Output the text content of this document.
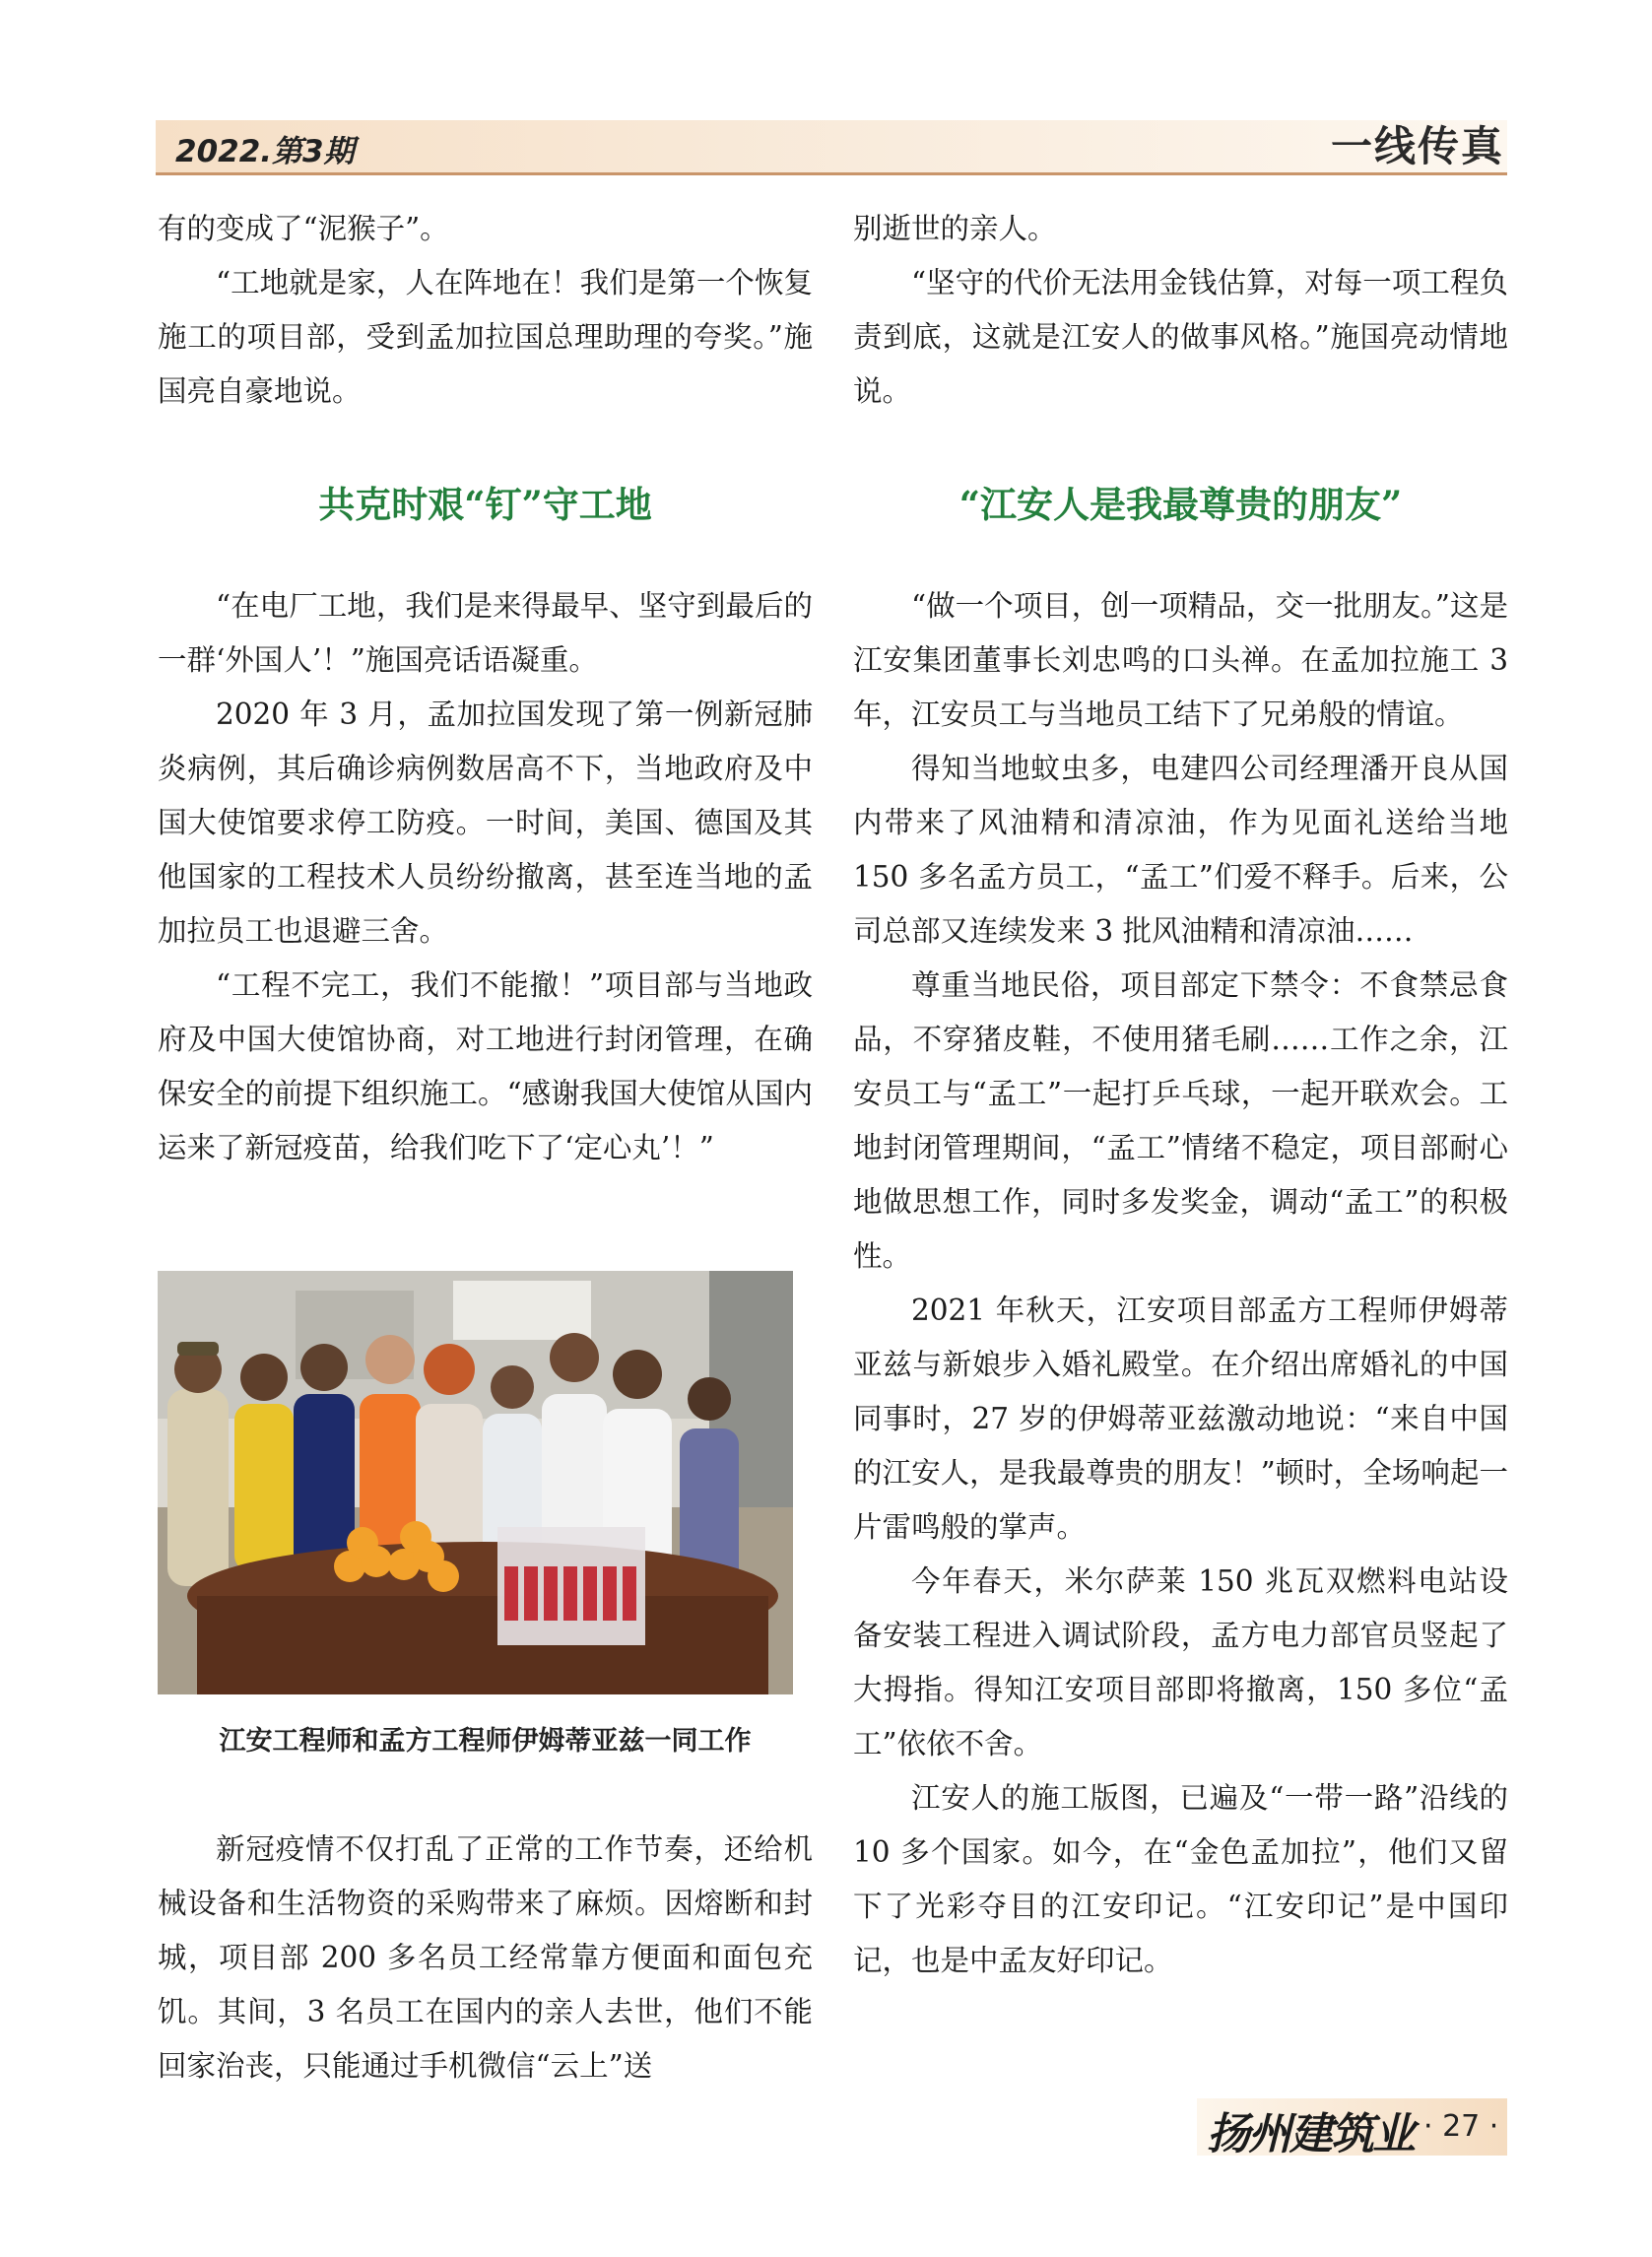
2022.第3期	一线传真

有的变成了“泥猴子”。

“工地就是家，人在阵地在！我们是第一个恢复施工的项目部，受到孟加拉国总理助理的夸奖。”施国亮自豪地说。

别逝世的亲人。

“坚守的代价无法用金钱估算，对每一项工程负责到底，这就是江安人的做事风格。”施国亮动情地说。

共克时艰“钉”守工地	“江安人是我最尊贵的朋友”

“在电厂工地，我们是来得最早、坚守到最后的一群‘外国人’！”施国亮话语凝重。

2020 年 3 月，孟加拉国发现了第一例新冠肺炎病例，其后确诊病例数居高不下，当地政府及中国大使馆要求停工防疫。一时间，美国、德国及其他国家的工程技术人员纷纷撤离，甚至连当地的孟加拉员工也退避三舍。

“工程不完工，我们不能撤！”项目部与当地政府及中国大使馆协商，对工地进行封闭管理，在确保安全的前提下组织施工。“感谢我国大使馆从国内运来了新冠疫苗，给我们吃下了‘定心丸’！”

江安工程师和孟方工程师伊姆蒂亚兹一同工作

新冠疫情不仅打乱了正常的工作节奏，还给机械设备和生活物资的采购带来了麻烦。因熔断和封城，项目部 200 多名员工经常靠方便面和面包充饥。其间，3 名员工在国内的亲人去世，他们不能回家治丧，只能通过手机微信“云上”送

“做一个项目，创一项精品，交一批朋友。”这是江安集团董事长刘忠鸣的口头禅。在孟加拉施工 3 年，江安员工与当地员工结下了兄弟般的情谊。

得知当地蚊虫多，电建四公司经理潘开良从国内带来了风油精和清凉油，作为见面礼送给当地 150 多名孟方员工，“孟工”们爱不释手。后来，公司总部又连续发来 3 批风油精和清凉油……

尊重当地民俗，项目部定下禁令：不食禁忌食品，不穿猪皮鞋，不使用猪毛刷……工作之余，江安员工与“孟工”一起打乒乓球，一起开联欢会。工地封闭管理期间，“孟工”情绪不稳定，项目部耐心地做思想工作，同时多发奖金，调动“孟工”的积极性。

2021 年秋天，江安项目部孟方工程师伊姆蒂亚兹与新娘步入婚礼殿堂。在介绍出席婚礼的中国同事时，27 岁的伊姆蒂亚兹激动地说：“来自中国的江安人，是我最尊贵的朋友！”顿时，全场响起一片雷鸣般的掌声。

今年春天，米尔萨莱 150 兆瓦双燃料电站设备安装工程进入调试阶段，孟方电力部官员竖起了大拇指。得知江安项目部即将撤离，150 多位“孟工”依依不舍。

江安人的施工版图，已遍及“一带一路”沿线的 10 多个国家。如今，在“金色孟加拉”，他们又留下了光彩夺目的江安印记。“江安印记”是中国印记，也是中孟友好印记。

扬州建筑业 · 27 ·
